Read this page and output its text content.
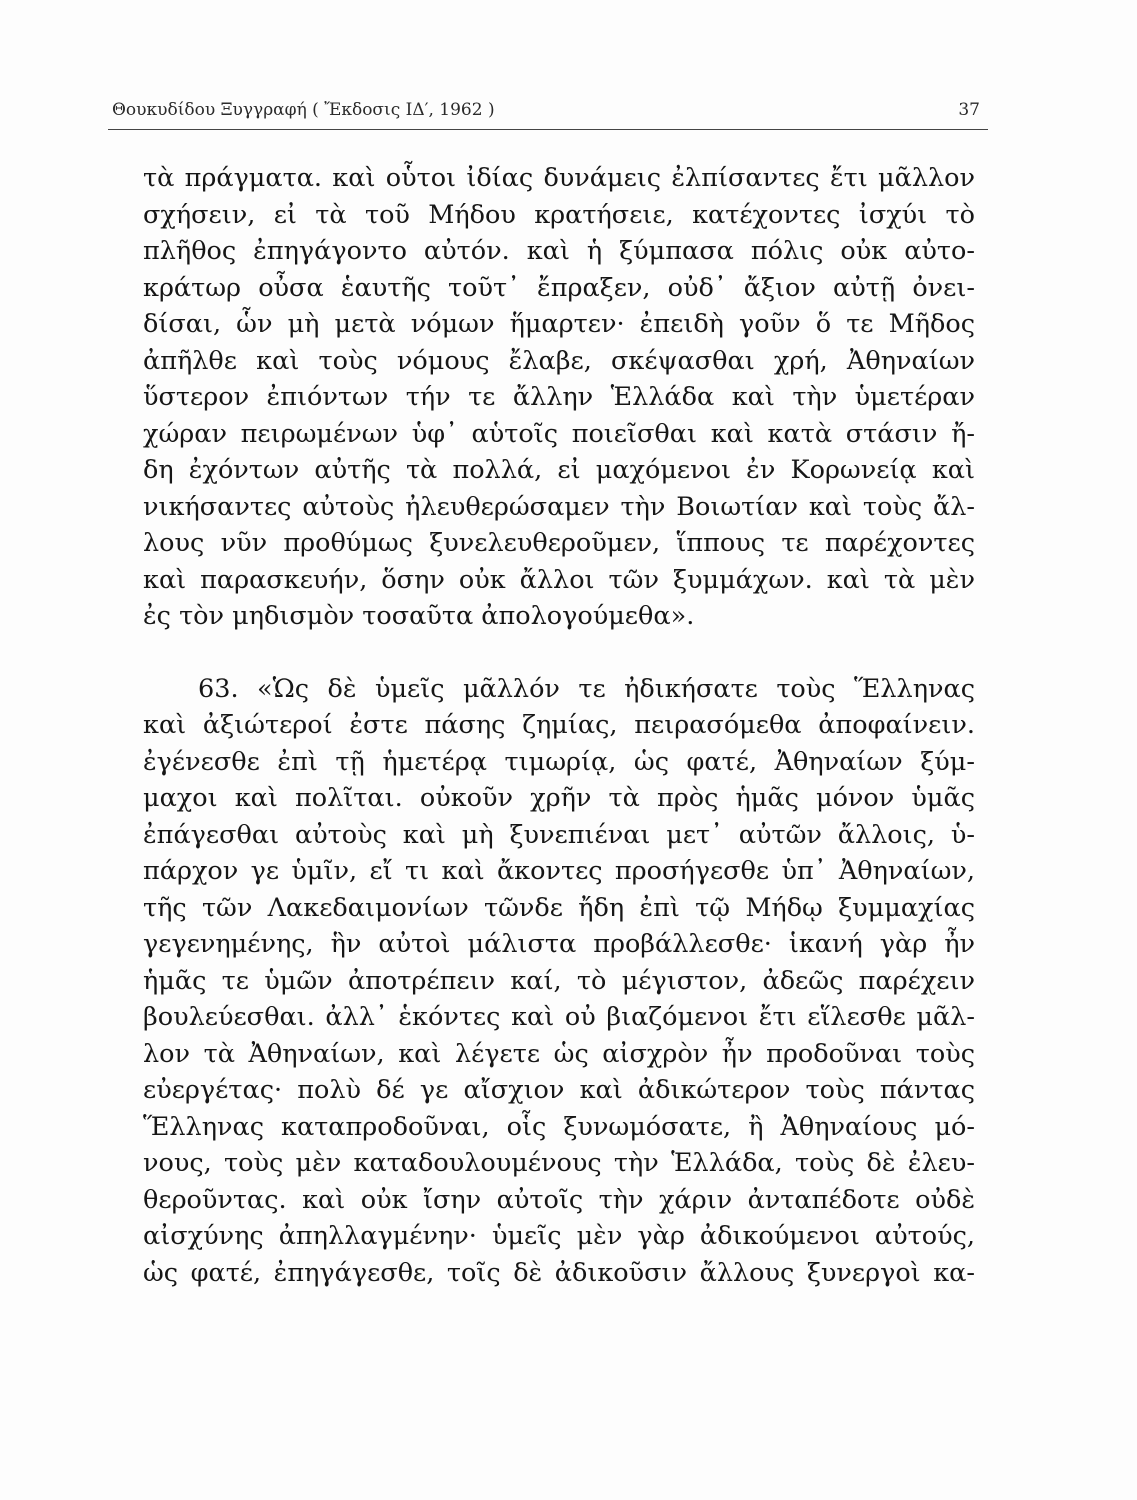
Θουκυδίδου Ξυγγραφή ( Ἔκδοσις ΙΔ′, 1962 )	37
τὰ πράγματα. καὶ οὗτοι ἰδίας δυνάμεις ἐλπίσαντες ἔτι μᾶλλον
σχήσειν, εἰ τὰ τοῦ Μήδου κρατήσειε, κατέχοντες ἰσχύι τὸ
πλῆθος ἐπηγάγοντο αὐτόν. καὶ ἡ ξύμπασα πόλις οὐκ αὐτο-
κράτωρ οὖσα ἑαυτῆς τοῦτ᾽ ἔπραξεν, οὐδ᾽ ἄξιον αὐτῇ ὀνει-
δίσαι, ὧν μὴ μετὰ νόμων ἥμαρτεν· ἐπειδὴ γοῦν ὅ τε Μῆδος
ἀπῆλθε καὶ τοὺς νόμους ἔλαβε, σκέψασθαι χρή, Ἀθηναίων
ὕστερον ἐπιόντων τήν τε ἄλλην Ἑλλάδα καὶ τὴν ὑμετέραν
χώραν πειρωμένων ὑφ᾽ αὑτοῖς ποιεῖσθαι καὶ κατὰ στάσιν ἤ-
δη ἐχόντων αὐτῆς τὰ πολλά, εἰ μαχόμενοι ἐν Κορωνείᾳ καὶ
νικήσαντες αὐτοὺς ἠλευθερώσαμεν τὴν Βοιωτίαν καὶ τοὺς ἄλ-
λους νῦν προθύμως ξυνελευθεροῦμεν, ἵππους τε παρέχοντες
καὶ παρασκευήν, ὅσην οὐκ ἄλλοι τῶν ξυμμάχων. καὶ τὰ μὲν
ἐς τὸν μηδισμὸν τοσαῦτα ἀπολογούμεθα».
63. «Ὡς δὲ ὑμεῖς μᾶλλόν τε ἠδικήσατε τοὺς Ἕλληνας
καὶ ἀξιώτεροί ἐστε πάσης ζημίας, πειρασόμεθα ἀποφαίνειν.
ἐγένεσθε ἐπὶ τῇ ἡμετέρᾳ τιμωρίᾳ, ὡς φατέ, Ἀθηναίων ξύμ-
μαχοι καὶ πολῖται. οὐκοῦν χρῆν τὰ πρὸς ἡμᾶς μόνον ὑμᾶς
ἐπάγεσθαι αὐτοὺς καὶ μὴ ξυνεπιέναι μετ᾽ αὐτῶν ἄλλοις, ὑ-
πάρχον γε ὑμῖν, εἴ τι καὶ ἄκοντες προσήγεσθε ὑπ᾽ Ἀθηναίων,
τῆς τῶν Λακεδαιμονίων τῶνδε ἤδη ἐπὶ τῷ Μήδῳ ξυμμαχίας
γεγενημένης, ἣν αὐτοὶ μάλιστα προβάλλεσθε· ἱκανή γὰρ ἦν
ἡμᾶς τε ὑμῶν ἀποτρέπειν καί, τὸ μέγιστον, ἀδεῶς παρέχειν
βουλεύεσθαι. ἀλλ᾽ ἑκόντες καὶ οὐ βιαζόμενοι ἔτι εἵλεσθε μᾶλ-
λον τὰ Ἀθηναίων, καὶ λέγετε ὡς αἰσχρὸν ἦν προδοῦναι τοὺς
εὐεργέτας· πολὺ δέ γε αἴσχιον καὶ ἀδικώτερον τοὺς πάντας
Ἕλληνας καταπροδοῦναι, οἷς ξυνωμόσατε, ἢ Ἀθηναίους μό-
νους, τοὺς μὲν καταδουλουμένους τὴν Ἑλλάδα, τοὺς δὲ ἐλευ-
θεροῦντας. καὶ οὐκ ἴσην αὐτοῖς τὴν χάριν ἀνταπέδοτε οὐδὲ
αἰσχύνης ἀπηλλαγμένην· ὑμεῖς μὲν γὰρ ἀδικούμενοι αὐτούς,
ὡς φατέ, ἐπηγάγεσθε, τοῖς δὲ ἀδικοῦσιν ἄλλους ξυνεργοὶ κα-
